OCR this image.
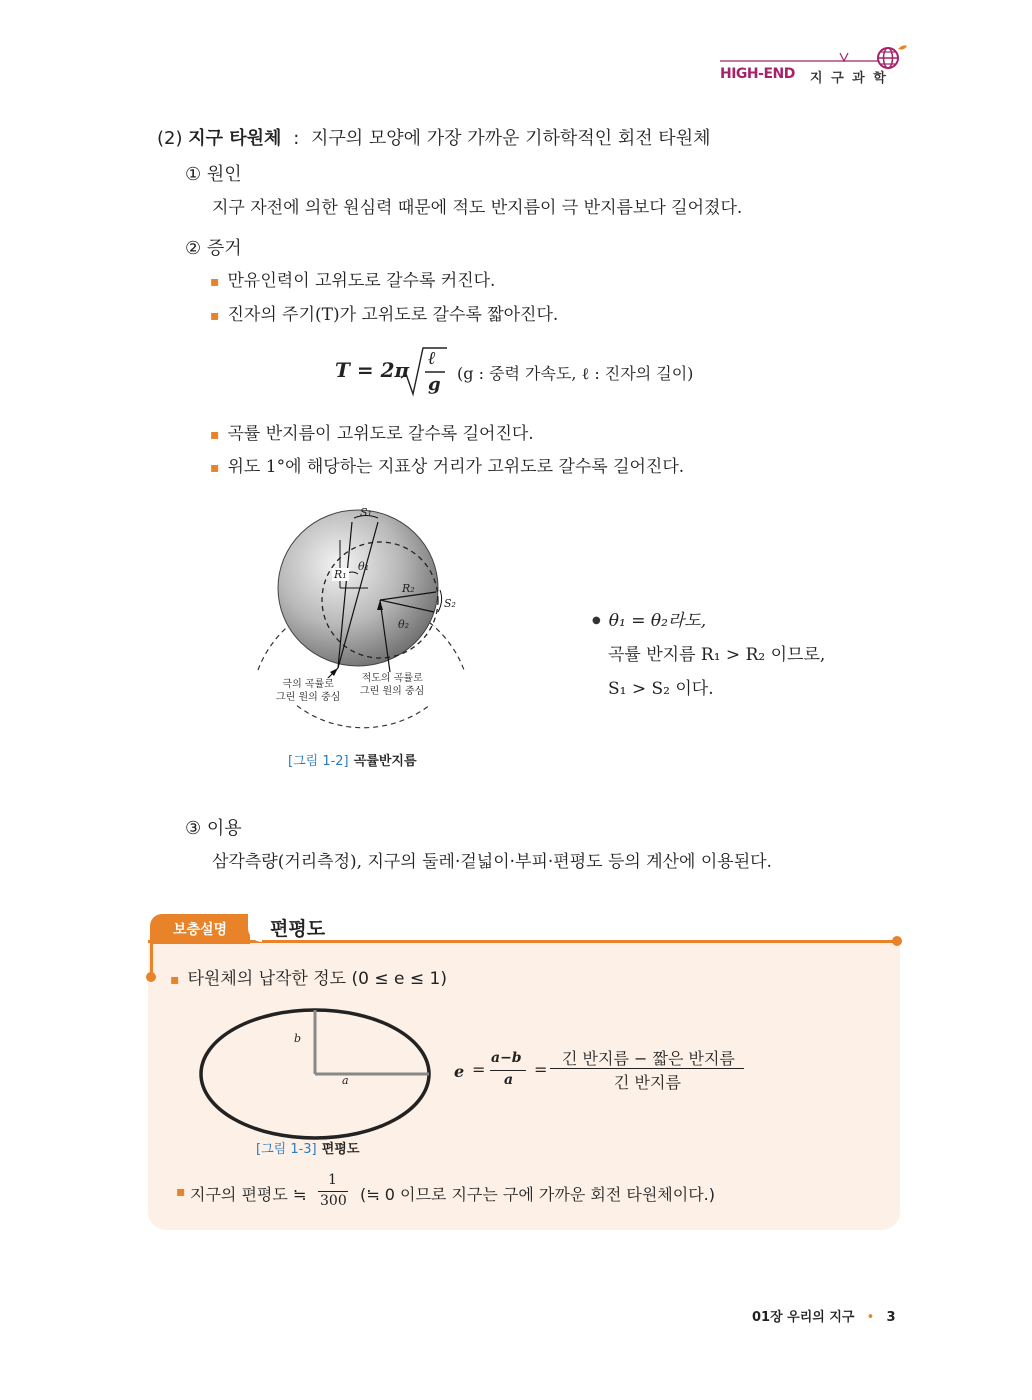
HIGH-END 지 구 과 학
(2) 지구 타원체 : 지구의 모양에 가장 가까운 기하학적인 회전 타원체
① 원인
지구 자전에 의한 원심력 때문에 적도 반지름이 극 반지름보다 길어졌다.
② 증거
▪ 만유인력이 고위도로 갈수록 커진다.
▪ 진자의 주기(T)가 고위도로 갈수록 짧아진다.
T = 2π ℓ
g
(g : 중력 가속도, ℓ : 진자의 길이)
▪ 곡률 반지름이 고위도로 갈수록 길어진다.
▪ 위도 1°에 해당하는 지표상 거리가 고위도로 갈수록 길어진다.
S₁
R₁
θ₁
R₂
S₂
θ₂
극의 곡률로
그린 원의 중심
적도의 곡률로
그린 원의 중심
[그림 1-2] 곡률반지름
● θ₁ = θ₂라도,
곡률 반지름 R₁ > R₂ 이므로,
S₁ > S₂ 이다.
③ 이용
삼각측량(거리측정), 지구의 둘레·겉넓이·부피·편평도 등의 계산에 이용된다.
보충설명	편평도
▪ 타원체의 납작한 정도 (0 ≤ e ≤ 1)
b
a	e =
a−b
a
=
긴 반지름 − 짧은 반지름
긴 반지름
[그림 1-3] 편평도
▪ 지구의 편평도 ≒
1
300 (≒ 0 이므로 지구는 구에 가까운 회전 타원체이다.)
01장 우리의 지구 • 3
